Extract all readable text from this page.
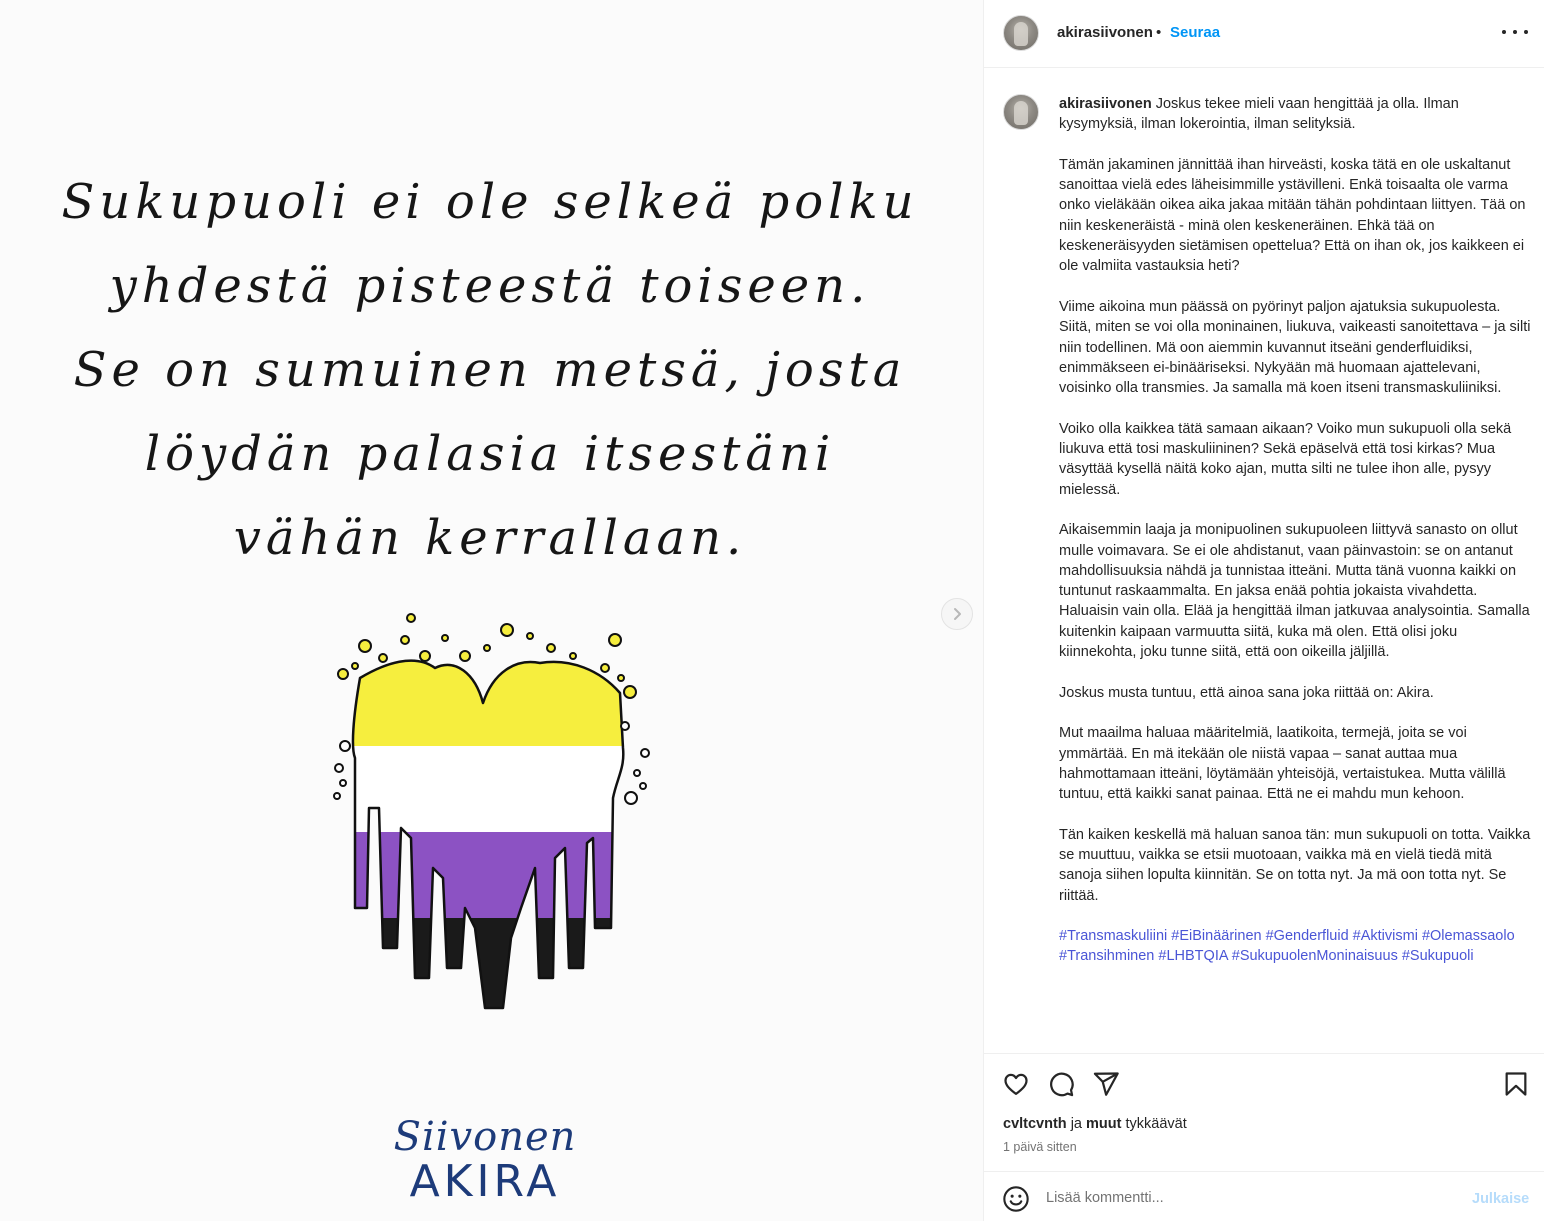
Sukupuoli ei ole selkeä polku
yhdestä pisteestä toiseen.
Se on sumuinen metsä, josta
löydän palasia itsestäni
vähän kerrallaan.
Siivonen
AKIRA
akirasiivonen • Seuraa

akirasiivonen Joskus tekee mieli vaan hengittää ja olla. Ilman kysymyksiä, ilman lokerointia, ilman selityksiä.

Tämän jakaminen jännittää ihan hirveästi, koska tätä en ole uskaltanut sanoittaa vielä edes läheisimmille ystävilleni. Enkä toisaalta ole varma onko vieläkään oikea aika jakaa mitään tähän pohdintaan liittyen. Tää on niin keskeneräistä - minä olen keskeneräinen. Ehkä tää on keskeneräisyyden sietämisen opettelua? Että on ihan ok, jos kaikkeen ei ole valmiita vastauksia heti?

Viime aikoina mun päässä on pyörinyt paljon ajatuksia sukupuolesta. Siitä, miten se voi olla moninainen, liukuva, vaikeasti sanoitettava – ja silti niin todellinen. Mä oon aiemmin kuvannut itseäni genderfluidiksi, enimmäkseen ei-binääriseksi. Nykyään mä huomaan ajattelevani, voisinko olla transmies. Ja samalla mä koen itseni transmaskuliiniksi.

Voiko olla kaikkea tätä samaan aikaan? Voiko mun sukupuoli olla sekä liukuva että tosi maskuliininen? Sekä epäselvä että tosi kirkas? Mua väsyttää kysellä näitä koko ajan, mutta silti ne tulee ihon alle, pysyy mielessä.

Aikaisemmin laaja ja monipuolinen sukupuoleen liittyvä sanasto on ollut mulle voimavara. Se ei ole ahdistanut, vaan päinvastoin: se on antanut mahdollisuuksia nähdä ja tunnistaa itteäni. Mutta tänä vuonna kaikki on tuntunut raskaammalta. En jaksa enää pohtia jokaista vivahdetta. Haluaisin vain olla. Elää ja hengittää ilman jatkuvaa analysointia. Samalla kuitenkin kaipaan varmuutta siitä, kuka mä olen. Että olisi joku kiinnekohta, joku tunne siitä, että oon oikeilla jäljillä.

Joskus musta tuntuu, että ainoa sana joka riittää on: Akira.

Mut maailma haluaa määritelmiä, laatikoita, termejä, joita se voi ymmärtää. En mä itekään ole niistä vapaa – sanat auttaa mua hahmottamaan itteäni, löytämään yhteisöjä, vertaistukea. Mutta välillä tuntuu, että kaikki sanat painaa. Että ne ei mahdu mun kehoon.

Tän kaiken keskellä mä haluan sanoa tän: mun sukupuoli on totta. Vaikka se muuttuu, vaikka se etsii muotoaan, vaikka mä en vielä tiedä mitä sanoja siihen lopulta kiinnitän. Se on totta nyt. Ja mä oon totta nyt. Se riittää.

#Transmaskuliini #EiBinäärinen #Genderfluid #Aktivismi #Olemassaolo #Transihminen #LHBTQIA #SukupuolenMoninaisuus #Sukupuoli

cvltcvnth ja muut tykkäävät
1 päivä sitten
Lisää kommentti...
Julkaise
